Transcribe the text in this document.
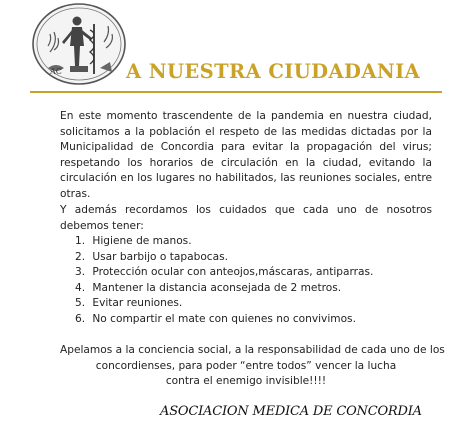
AC	A NUESTRA CIUDADANIA

En este momento trascendente de la pandemia en nuestra ciudad, solicitamos a la población el respeto de las medidas dictadas por la Municipalidad de Concordia para evitar la propagación del virus; respetando los horarios de circulación en la ciudad, evitando la circulación en los lugares no habilitados, las reuniones sociales, entre otras.

Y además recordamos los cuidados que cada uno de nosotros debemos tener:

1. Higiene de manos.
2. Usar barbijo o tapabocas.
3. Protección ocular con anteojos,máscaras, antiparras.
4. Mantener la distancia aconsejada de 2 metros.
5. Evitar reuniones.
6. No compartir el mate con quienes no convivimos.
Apelamos a la conciencia social, a la responsabilidad de cada uno de los
concordienses, para poder “entre todos” vencer la lucha
contra el enemigo invisible!!!!
ASOCIACION MEDICA DE CONCORDIA
